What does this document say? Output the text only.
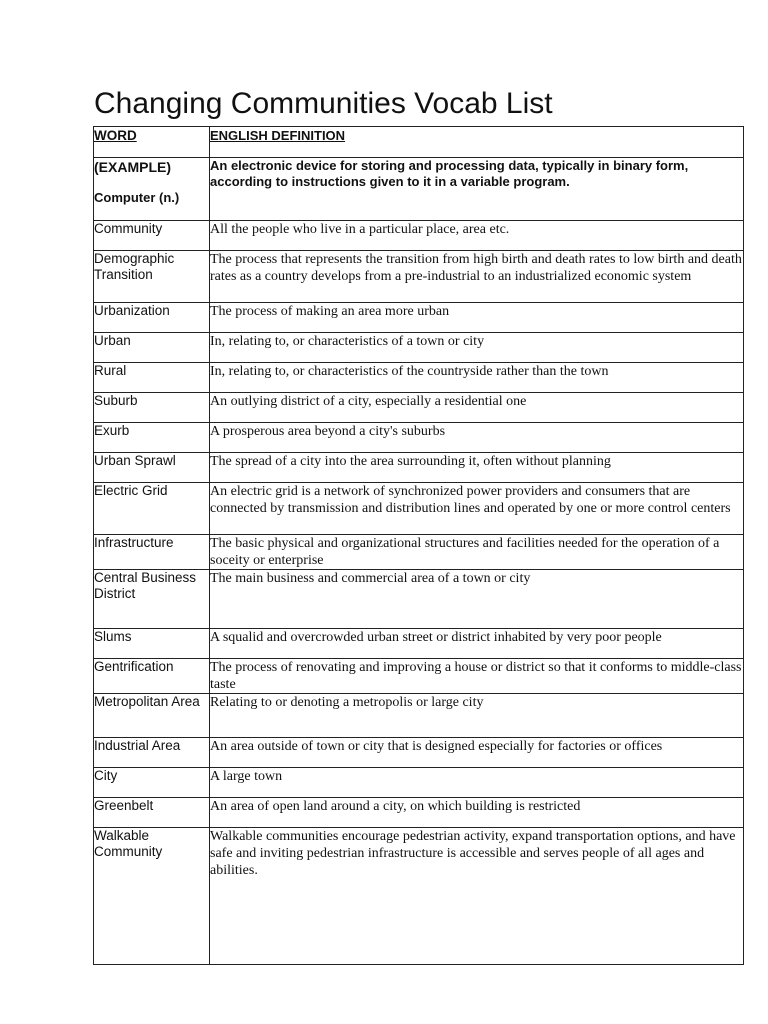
Changing Communities Vocab List
WORD	ENGLISH DEFINITION

(EXAMPLE)
Computer (n.)	An electronic device for storing and processing data, typically in binary form, according to instructions given to it in a variable program.
Community	All the people who live in a particular place, area etc.
Demographic Transition	The process that represents the transition from high birth and death rates to low birth and death rates as a country develops from a pre-industrial to an industrialized economic system
Urbanization	The process of making an area more urban
Urban	In, relating to, or characteristics of a town or city
Rural	In, relating to, or characteristics of the countryside rather than the town
Suburb	An outlying district of a city, especially a residential one
Exurb	A prosperous area beyond a city's suburbs
Urban Sprawl	The spread of a city into the area surrounding it, often without planning
Electric Grid	An electric grid is a network of synchronized power providers and consumers that are connected by transmission and distribution lines and operated by one or more control centers
Infrastructure	The basic physical and organizational structures and facilities needed for the operation of a soceity or enterprise
Central Business District	The main business and commercial area of a town or city
Slums	A squalid and overcrowded urban street or district inhabited by very poor people
Gentrification	The process of renovating and improving a house or district so that it conforms to middle-class taste
Metropolitan Area	Relating to or denoting a metropolis or large city
Industrial Area	An area outside of town or city that is designed especially for factories or offices
City	A large town
Greenbelt	An area of open land around a city, on which building is restricted
Walkable Community	Walkable communities encourage pedestrian activity, expand transportation options, and have safe and inviting pedestrian infrastructure is accessible and serves people of all ages and abilities.
